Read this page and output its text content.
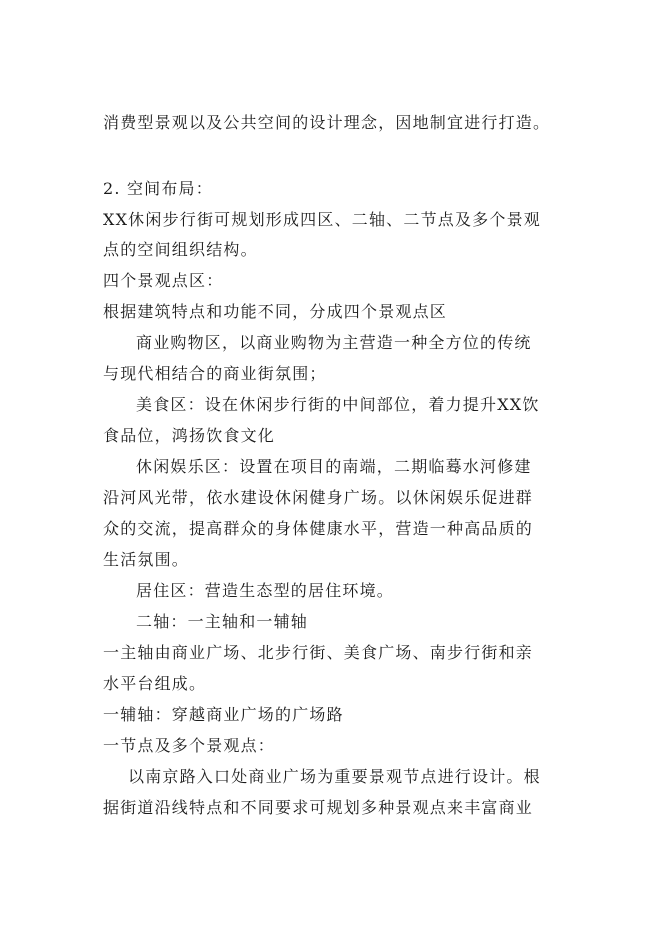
消费型景观以及公共空间的设计理念，因地制宜进行打造。

2. 空间布局：

XX休闲步行街可规划形成四区、二轴、二节点及多个景观

点的空间组织结构。

四个景观点区：

根据建筑特点和功能不同，分成四个景观点区

商业购物区，以商业购物为主营造一种全方位的传统

与现代相结合的商业街氛围；

美食区：设在休闲步行街的中间部位，着力提升XX饮

食品位，鸿扬饮食文化

休闲娱乐区：设置在项目的南端，二期临蓦水河修建

沿河风光带，依水建设休闲健身广场。以休闲娱乐促进群

众的交流，提高群众的身体健康水平，营造一种高品质的

生活氛围。

居住区：营造生态型的居住环境。

二轴：一主轴和一辅轴

一主轴由商业广场、北步行街、美食广场、南步行街和亲

水平台组成。

一辅轴：穿越商业广场的广场路

一节点及多个景观点：

以南京路入口处商业广场为重要景观节点进行设计。根

据街道沿线特点和不同要求可规划多种景观点来丰富商业
